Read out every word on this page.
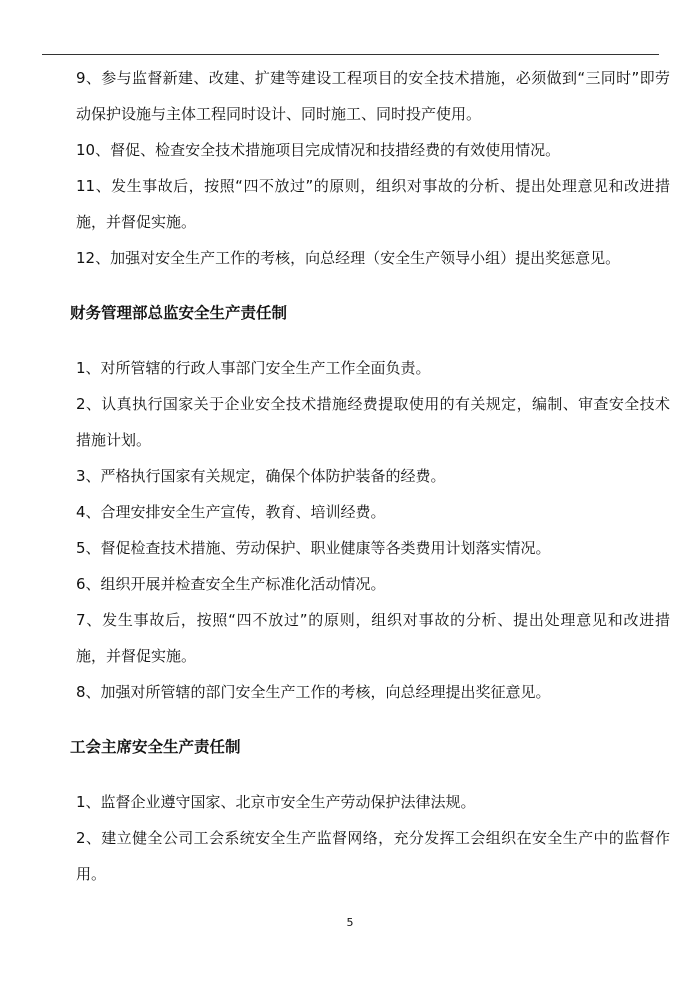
9、参与监督新建、改建、扩建等建设工程项目的安全技术措施，必须做到“三同时”即劳动保护设施与主体工程同时设计、同时施工、同时投产使用。

10、督促、检查安全技术措施项目完成情况和技措经费的有效使用情况。

11、发生事故后，按照“四不放过”的原则，组织对事故的分析、提出处理意见和改进措施，并督促实施。

12、加强对安全生产工作的考核，向总经理（安全生产领导小组）提出奖惩意见。

财务管理部总监安全生产责任制

1、对所管辖的行政人事部门安全生产工作全面负责。

2、认真执行国家关于企业安全技术措施经费提取使用的有关规定，编制、审查安全技术措施计划。

3、严格执行国家有关规定，确保个体防护装备的经费。

4、合理安排安全生产宣传，教育、培训经费。

5、督促检查技术措施、劳动保护、职业健康等各类费用计划落实情况。

6、组织开展并检查安全生产标准化活动情况。

7、发生事故后，按照“四不放过”的原则，组织对事故的分析、提出处理意见和改进措施，并督促实施。

8、加强对所管辖的部门安全生产工作的考核，向总经理提出奖征意见。

工会主席安全生产责任制

1、监督企业遵守国家、北京市安全生产劳动保护法律法规。

2、建立健全公司工会系统安全生产监督网络，充分发挥工会组织在安全生产中的监督作用。

5
